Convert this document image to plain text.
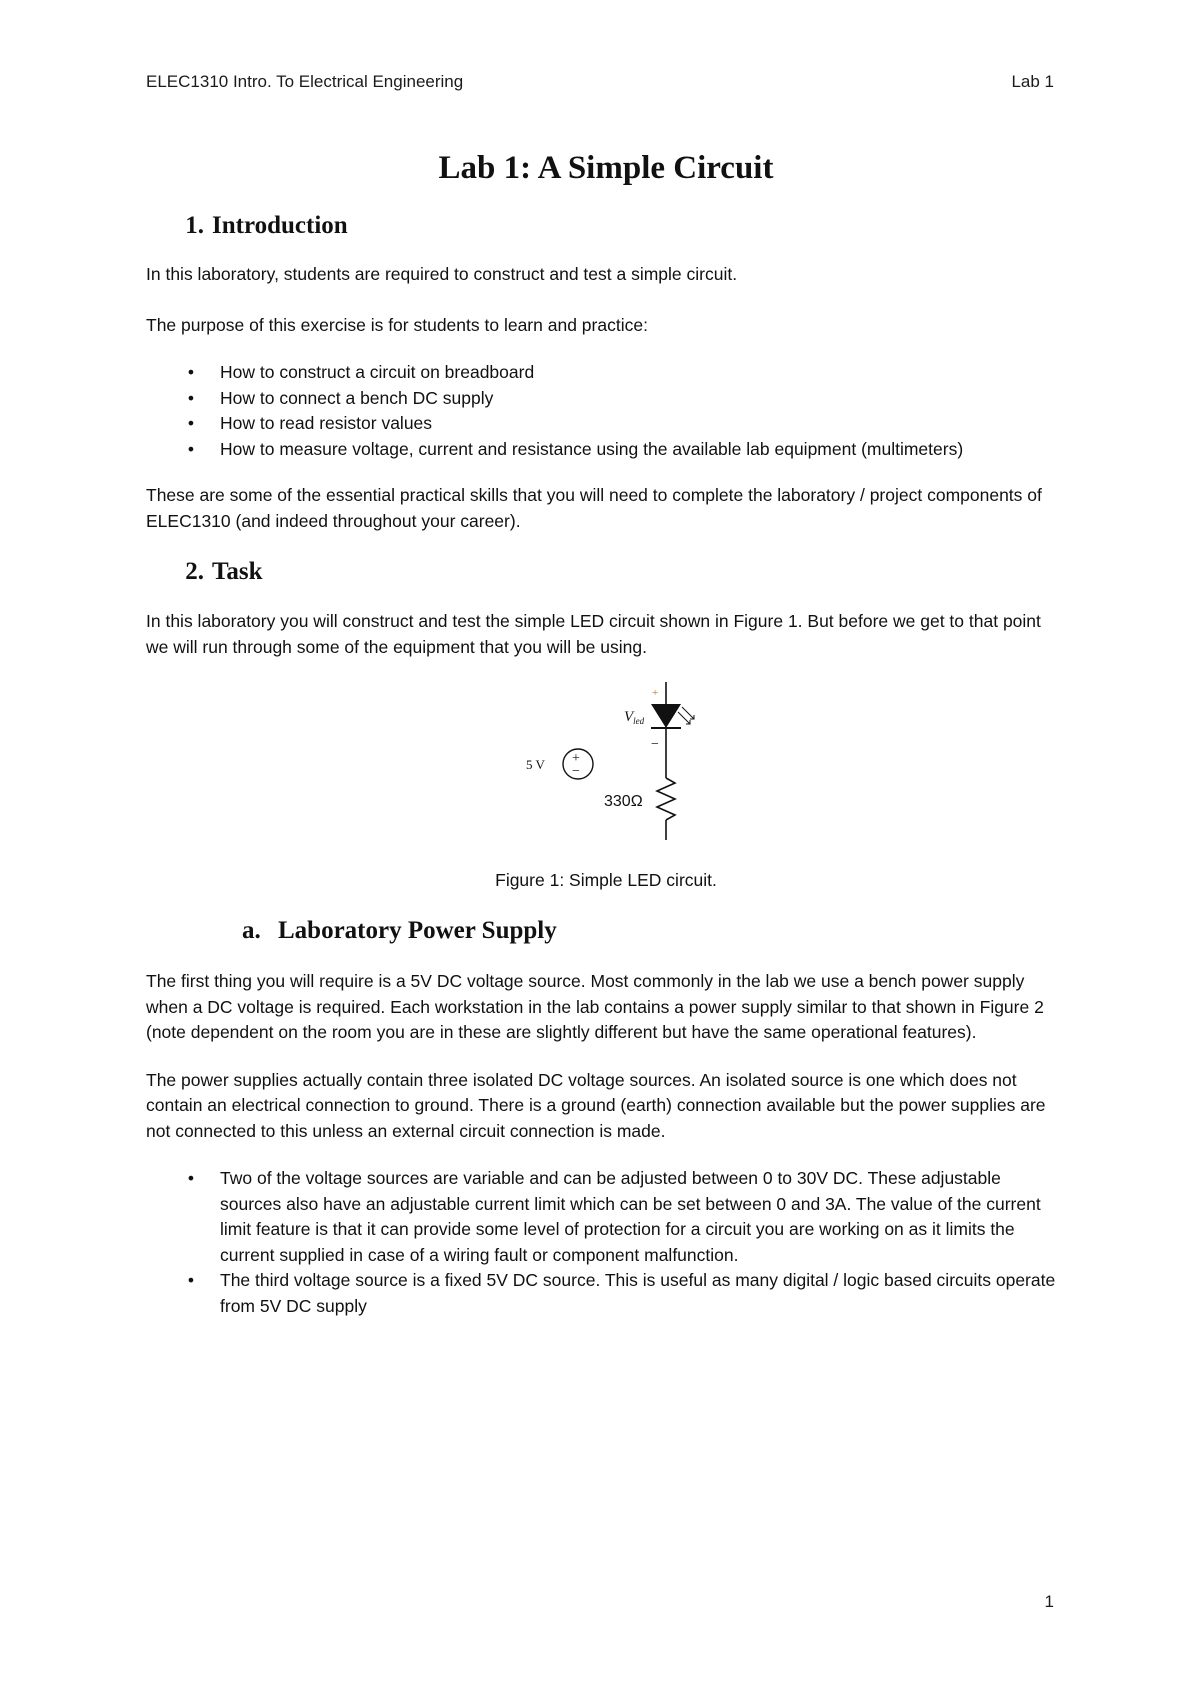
ELEC1310 Intro. To Electrical Engineering	Lab 1
Lab 1: A Simple Circuit
1. Introduction

In this laboratory, students are required to construct and test a simple circuit.

The purpose of this exercise is for students to learn and practice:

• How to construct a circuit on breadboard
• How to connect a bench DC supply
• How to read resistor values
• How to measure voltage, current and resistance using the available lab equipment (multimeters)

These are some of the essential practical skills that you will need to complete the laboratory / project components of ELEC1310 (and indeed throughout your career).

2. Task

In this laboratory you will construct and test the simple LED circuit shown in Figure 1. But before we get to that point we will run through some of the equipment that you will be using.

+
$V_{led}$
−
330Ω
+
−
5 V
Figure 1: Simple LED circuit.
a. Laboratory Power Supply

The first thing you will require is a 5V DC voltage source. Most commonly in the lab we use a bench power supply when a DC voltage is required. Each workstation in the lab contains a power supply similar to that shown in Figure 2 (note dependent on the room you are in these are slightly different but have the same operational features).

The power supplies actually contain three isolated DC voltage sources. An isolated source is one which does not contain an electrical connection to ground. There is a ground (earth) connection available but the power supplies are not connected to this unless an external circuit connection is made.

• Two of the voltage sources are variable and can be adjusted between 0 to 30V DC. These adjustable sources also have an adjustable current limit which can be set between 0 and 3A. The value of the current limit feature is that it can provide some level of protection for a circuit you are working on as it limits the current supplied in case of a wiring fault or component malfunction.
• The third voltage source is a fixed 5V DC source. This is useful as many digital / logic based circuits operate from 5V DC supply
1
